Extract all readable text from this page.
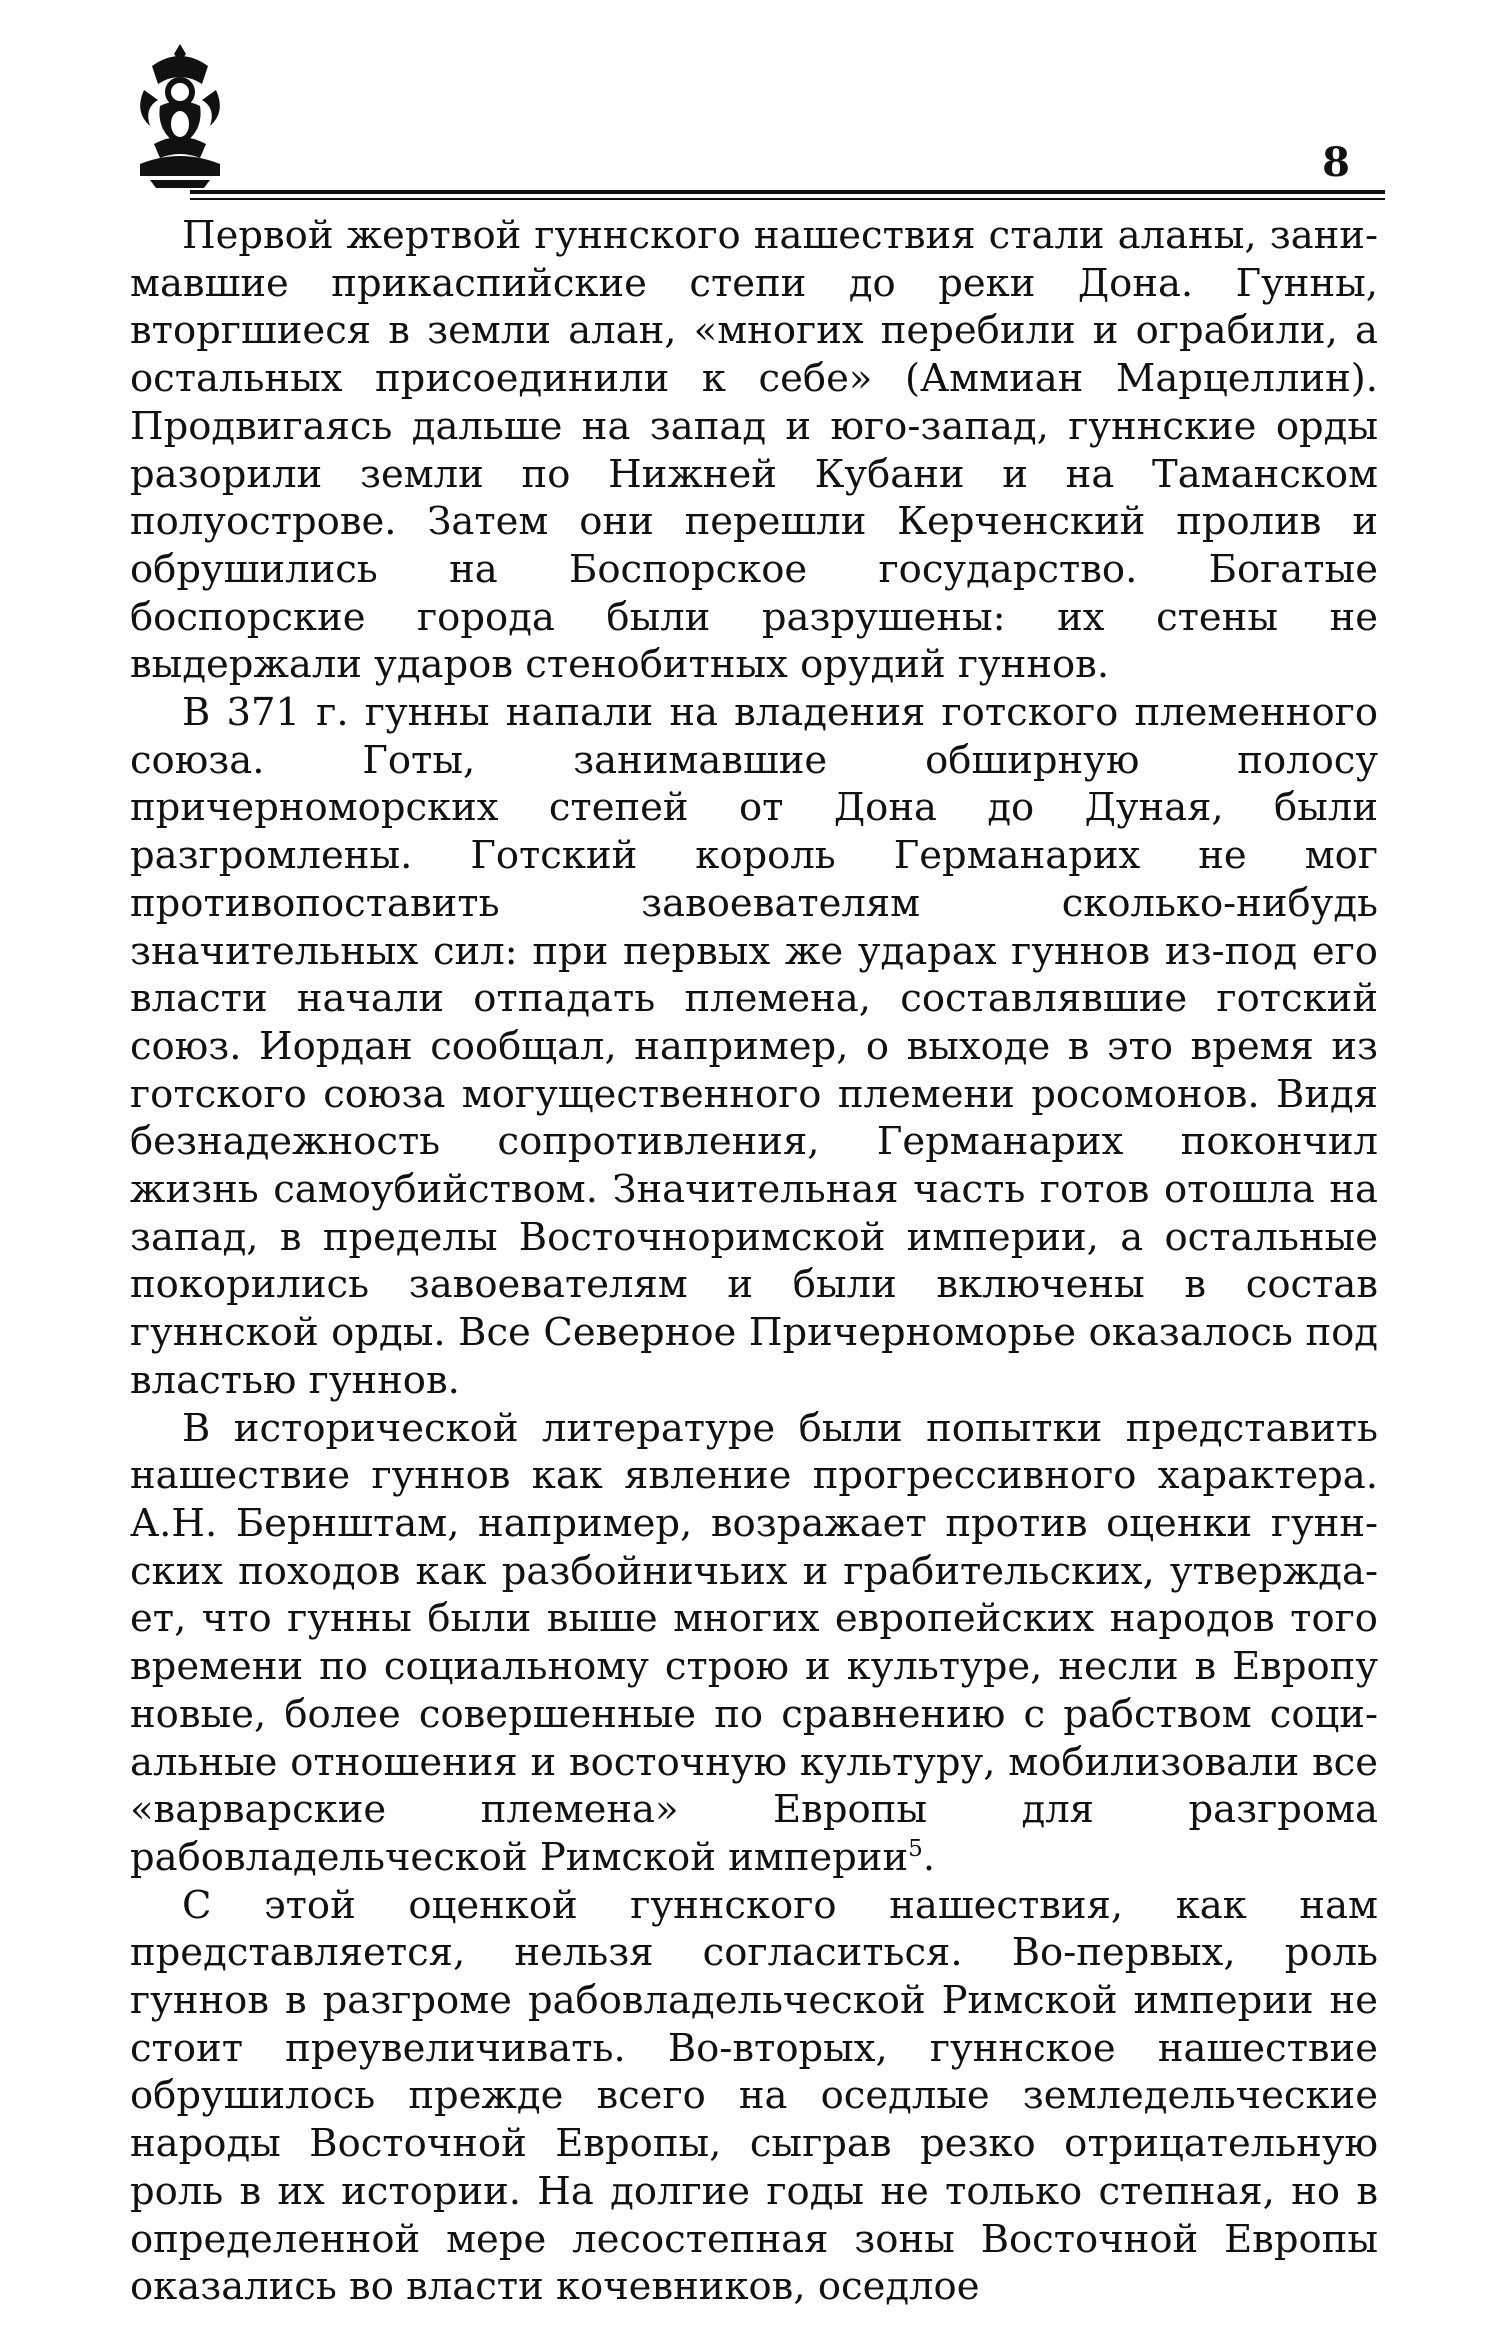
8

Первой жертвой гуннского нашествия стали аланы, занимавшие прикаспийские степи до реки Дона. Гунны, вторгшиеся в земли алан, «многих перебили и ограбили, а остальных присоединили к себе» (Аммиан Марцеллин). Продвигаясь дальше на запад и юго-запад, гуннские орды разорили земли по Нижней Кубани и на Таманском полуострове. Затем они перешли Керченский пролив и обрушились на Боспорское государство. Богатые боспорские города были разрушены: их стены не выдержали ударов стенобитных орудий гуннов.

В 371 г. гунны напали на владения готского племенного союза. Готы, занимавшие обширную полосу причерноморских степей от Дона до Дуная, были разгромлены. Готский король Германарих не мог противопоставить завоевателям сколько-нибудь значительных сил: при первых же ударах гуннов из-под его власти начали отпадать племена, составлявшие готский союз. Иордан сообщал, например, о выходе в это время из готского союза могущественного племени росомонов. Видя безнадежность сопротивления, Германарих покончил жизнь самоубийством. Значительная часть готов отошла на запад, в пределы Восточноримской империи, а остальные покорились завоевателям и были включены в состав гуннской орды. Все Северное Причерноморье оказалось под властью гуннов.

В исторической литературе были попытки представить нашествие гуннов как явление прогрессивного характера. А.Н. Бернштам, например, возражает против оценки гуннских походов как разбойничьих и грабительских, утверждает, что гунны были выше многих европейских народов того времени по социальному строю и культуре, несли в Европу новые, более совершенные по сравнению с рабством социальные отношения и восточную культуру, мобилизовали все «варварские племена» Европы для разгрома рабовладельческой Римской империи$^5$.

С этой оценкой гуннского нашествия, как нам представляется, нельзя согласиться. Во-первых, роль гуннов в разгроме рабовладельческой Римской империи не стоит преувеличивать. Во-вторых, гуннское нашествие обрушилось прежде всего на оседлые земледельческие народы Восточной Европы, сыграв резко отрицательную роль в их истории. На долгие годы не только степная, но в определенной мере лесостепная зоны Восточной Европы оказались во власти кочевников, оседлое
